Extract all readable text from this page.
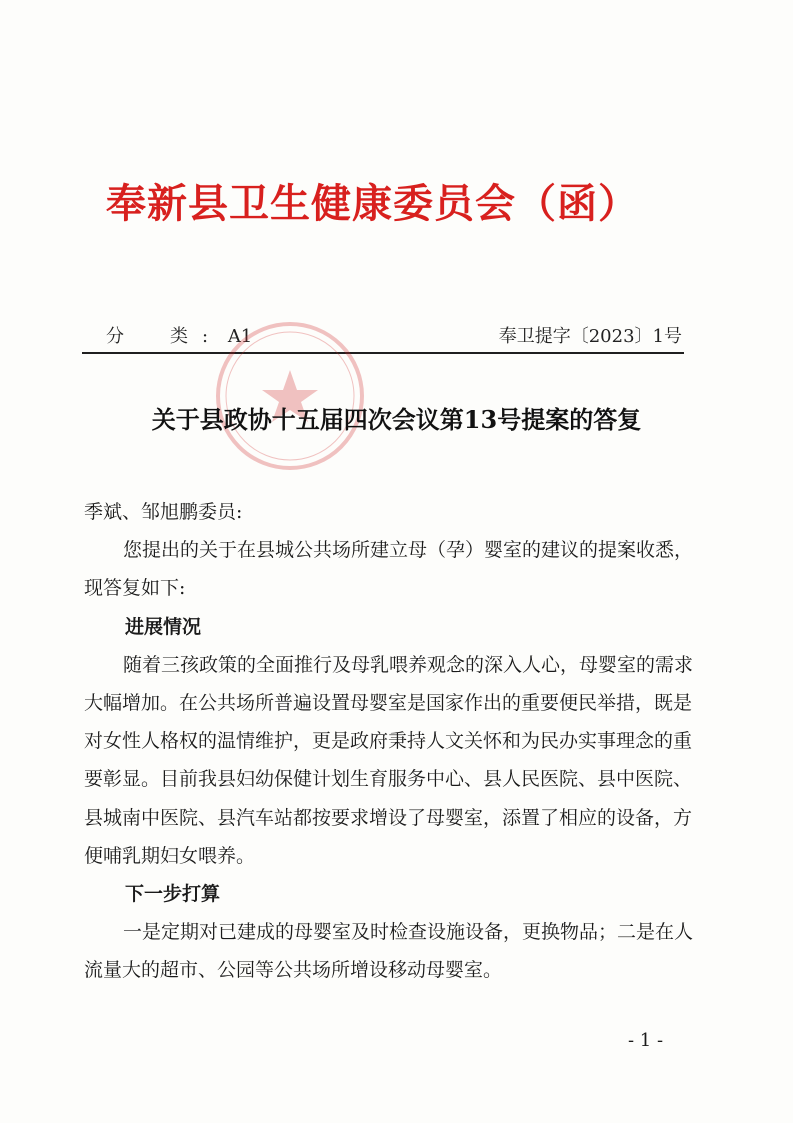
奉新县卫生健康委员会（函）
分　类: A1	奉卫提字〔2023〕1号
关于县政协十五届四次会议第13号提案的答复

季斌、邹旭鹏委员:

您提出的关于在县城公共场所建立母（孕）婴室的建议的提案收悉，现答复如下:

进展情况

随着三孩政策的全面推行及母乳喂养观念的深入人心，母婴室的需求大幅增加。在公共场所普遍设置母婴室是国家作出的重要便民举措，既是对女性人格权的温情维护，更是政府秉持人文关怀和为民办实事理念的重要彰显。目前我县妇幼保健计划生育服务中心、县人民医院、县中医院、县城南中医院、县汽车站都按要求增设了母婴室，添置了相应的设备，方便哺乳期妇女喂养。

下一步打算

一是定期对已建成的母婴室及时检查设施设备，更换物品；二是在人流量大的超市、公园等公共场所增设移动母婴室。

- 1 -
